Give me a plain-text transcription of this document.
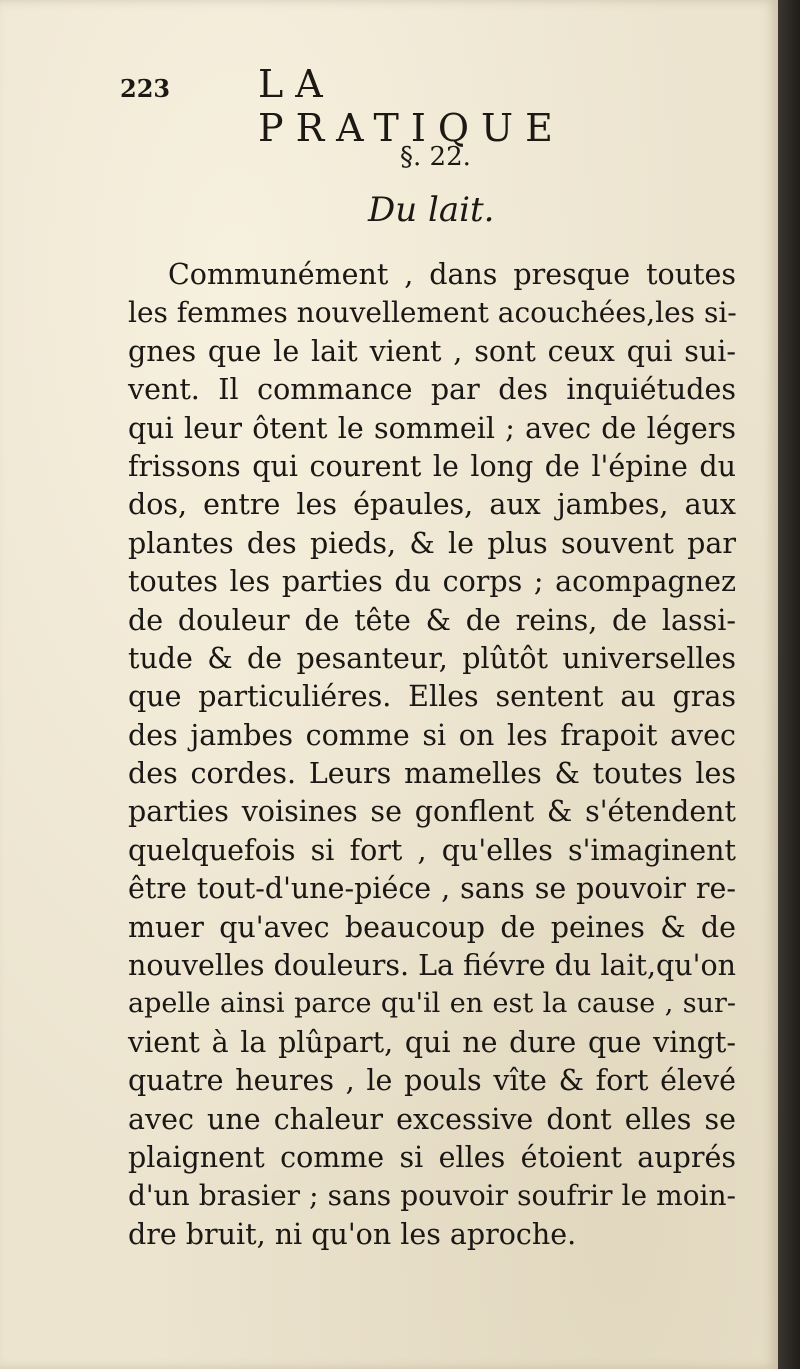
223 LA PRATIQUE
§. 22.
Du lait.
Communément , dans presque toutes
les femmes nouvellement acouchées,les si-
gnes que le lait vient , sont ceux qui sui-
vent. Il commance par des inquiétudes
qui leur ôtent le sommeil ; avec de légers
frissons qui courent le long de l'épine du
dos, entre les épaules, aux jambes, aux
plantes des pieds, & le plus souvent par
toutes les parties du corps ; acompagnez
de douleur de tête & de reins, de lassi-
tude & de pesanteur, plûtôt universelles
que particuliéres. Elles sentent au gras
des jambes comme si on les frapoit avec
des cordes. Leurs mamelles & toutes les
parties voisines se gonflent & s'étendent
quelquefois si fort , qu'elles s'imaginent
être tout-d'une-piéce , sans se pouvoir re-
muer qu'avec beaucoup de peines & de
nouvelles douleurs. La fiévre du lait,qu'on
apelle ainsi parce qu'il en est la cause , sur-
vient à la plûpart, qui ne dure que vingt-
quatre heures , le pouls vîte & fort élevé
avec une chaleur excessive dont elles se
plaignent comme si elles étoient auprés
d'un brasier ; sans pouvoir soufrir le moin-
dre bruit, ni qu'on les aproche.
